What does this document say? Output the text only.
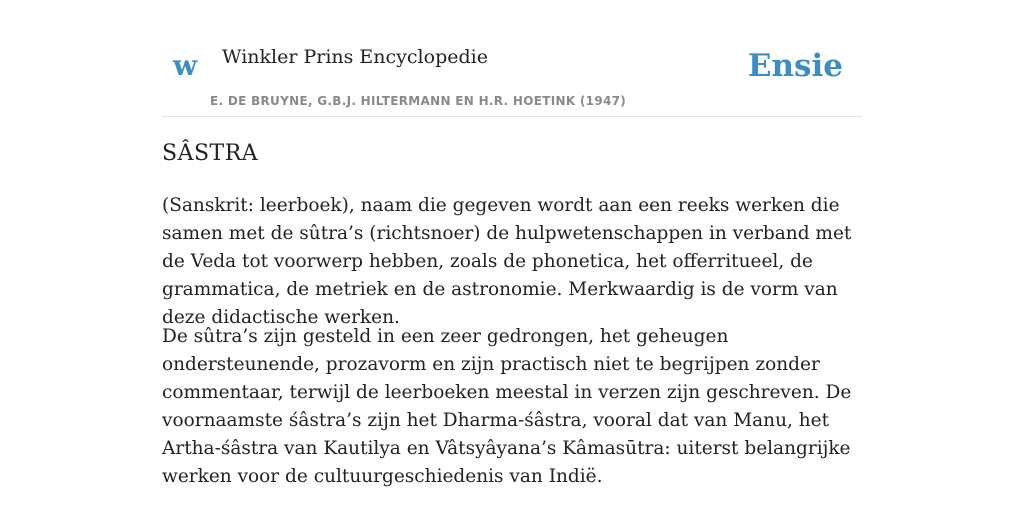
w Winkler Prins Encyclopedie
E. DE BRUYNE, G.B.J. HILTERMANN EN H.R. HOETINK (1947)
Ensie
SÂSTRA

(Sanskrit: leerboek), naam die gegeven wordt aan een reeks werken die samen met de sûtra’s (richtsnoer) de hulpwetenschappen in verband met de Veda tot voorwerp hebben, zoals de phonetica, het offerritueel, de grammatica, de metriek en de astronomie. Merkwaardig is de vorm van deze didactische werken.

De sûtra’s zijn gesteld in een zeer gedrongen, het geheugen ondersteunende, prozavorm en zijn practisch niet te begrijpen zonder commentaar, terwijl de leerboeken meestal in verzen zijn geschreven. De voornaamste śâstra’s zijn het Dharma-śâstra, vooral dat van Manu, het Artha-śâstra van Kautilya en Vâtsyâyana’s Kâmasūtra: uiterst belangrijke werken voor de cultuurgeschiedenis van Indië.
